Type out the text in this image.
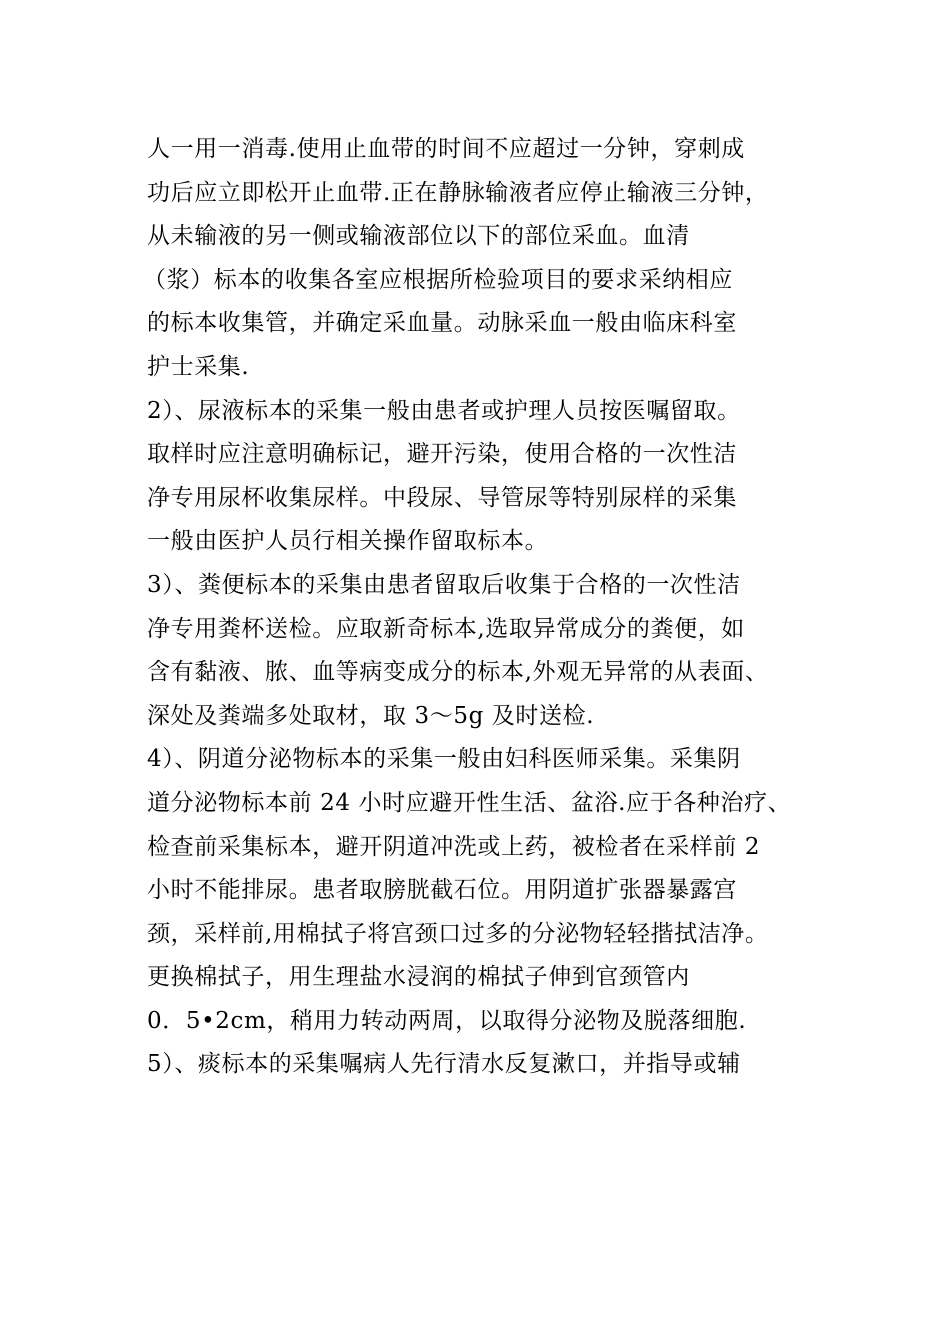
人一用一消毒.使用止血带的时间不应超过一分钟，穿刺成
功后应立即松开止血带.正在静脉输液者应停止输液三分钟，
从未输液的另一侧或输液部位以下的部位采血。血清
（浆）标本的收集各室应根据所检验项目的要求采纳相应
的标本收集管，并确定采血量。动脉采血一般由临床科室
护士采集.
2）、尿液标本的采集一般由患者或护理人员按医嘱留取。
取样时应注意明确标记，避开污染，使用合格的一次性洁
净专用尿杯收集尿样。中段尿、导管尿等特别尿样的采集
一般由医护人员行相关操作留取标本。
3）、粪便标本的采集由患者留取后收集于合格的一次性洁
净专用粪杯送检。应取新奇标本,选取异常成分的粪便，如
含有黏液、脓、血等病变成分的标本,外观无异常的从表面、
深处及粪端多处取材，取 3～5g 及时送检.
4）、阴道分泌物标本的采集一般由妇科医师采集。采集阴
道分泌物标本前 24 小时应避开性生活、盆浴.应于各种治疗、
检查前采集标本，避开阴道冲洗或上药，被检者在采样前 2
小时不能排尿。患者取膀胱截石位。用阴道扩张器暴露宫
颈，采样前,用棉拭子将宫颈口过多的分泌物轻轻揩拭洁净。
更换棉拭子，用生理盐水浸润的棉拭子伸到官颈管内
0．5•2cm，稍用力转动两周，以取得分泌物及脱落细胞.
5）、痰标本的采集嘱病人先行清水反复漱口，并指导或辅
